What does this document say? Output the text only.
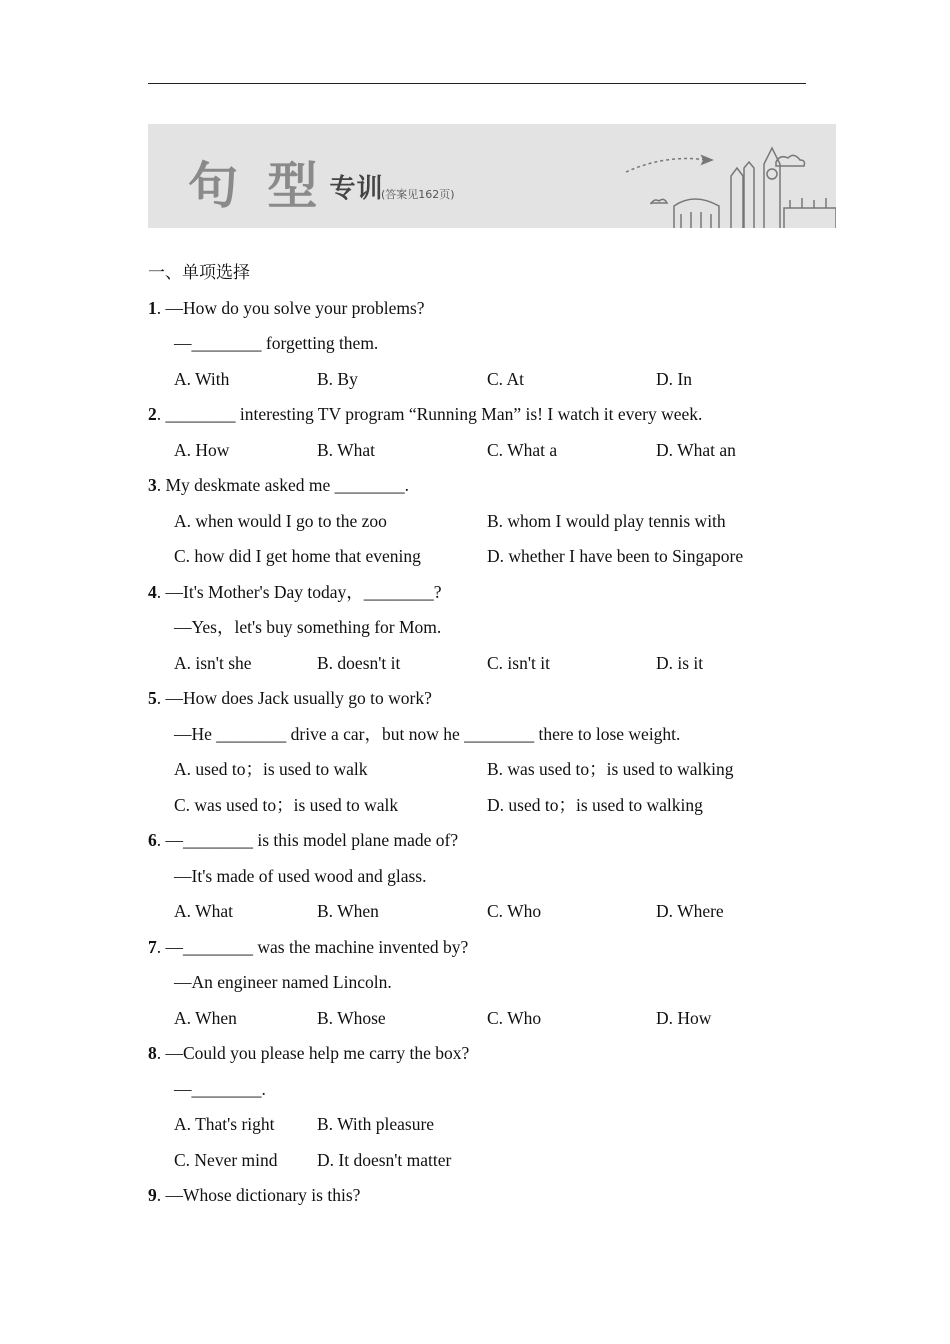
句 型 专训
(答案见162页)
一、单项选择
1. —How do you solve your problems?
—________ forgetting them.
A. With	B. By	C. At	D. In
2. ________ interesting TV program “Running Man” is! I watch it every week.
A. How	B. What	C. What a	D. What an
3. My deskmate asked me ________.
A. when would I go to the zoo	B. whom I would play tennis with
C. how did I get home that evening	D. whether I have been to Singapore
4. —It's Mother's Day today，________?
—Yes，let's buy something for Mom.
A. isn't she	B. doesn't it	C. isn't it	D. is it
5. —How does Jack usually go to work?
—He ________ drive a car，but now he ________ there to lose weight.
A. used to；is used to walk	B. was used to；is used to walking
C. was used to；is used to walk	D. used to；is used to walking
6. —________ is this model plane made of?
—It's made of used wood and glass.
A. What	B. When	C. Who	D. Where
7. —________ was the machine invented by?
—An engineer named Lincoln.
A. When	B. Whose	C. Who	D. How
8. —Could you please help me carry the box?
—________.
A. That's right B. With pleasure
C. Never mind D. It doesn't matter
9. —Whose dictionary is this?
